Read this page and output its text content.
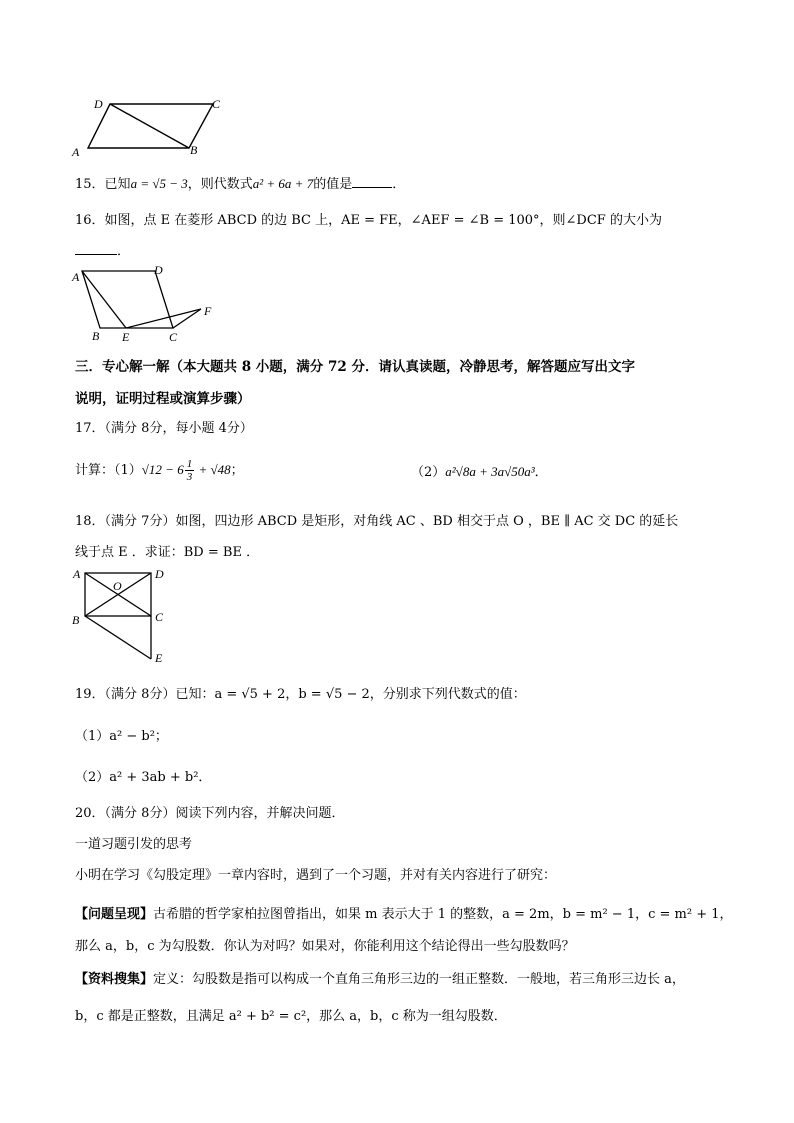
D	C
A	B
15．已知a = √5 − 3，则代数式a² + 6a + 7的值是	．
16．如图，点 E 在菱形 ABCD 的边 BC 上，AE = FE，∠AEF = ∠B = 100°，则∠DCF 的大小为
．
A	D
B E	C
F
三．专心解一解（本大题共 8 小题，满分 72 分．请认真读题，冷静思考，解答题应写出文字
说明，证明过程或演算步骤）
17．（满分 8分，每小题 4分）
计算：$(1)√12 - 6 \frac{1}{3} + √48$；	（2）a²√8a + 3a√50a³．
18．（满分 7分）如图，四边形 ABCD 是矩形，对角线 AC 、BD 相交于点 O ，BE ∥ AC 交 DC 的延长
线于点 E ．求证：BD = BE ．
A	D
O
B	C
E
19．（满分 8分）已知：a = √5 + 2，b = √5 − 2，分别求下列代数式的值：
（1）a² − b²；
（2）a² + 3ab + b²．
20．（满分 8分）阅读下列内容，并解决问题．
一道习题引发的思考
小明在学习《勾股定理》一章内容时，遇到了一个习题，并对有关内容进行了研究：
【问题呈现】古希腊的哲学家柏拉图曾指出，如果 m 表示大于 1 的整数，a = 2m，b = m² − 1，c = m² + 1，
那么 a，b，c 为勾股数．你认为对吗？如果对，你能利用这个结论得出一些勾股数吗？
【资料搜集】定义：勾股数是指可以构成一个直角三角形三边的一组正整数．一般地，若三角形三边长 a，
b，c 都是正整数，且满足 a² + b² = c²，那么 a，b，c 称为一组勾股数．
